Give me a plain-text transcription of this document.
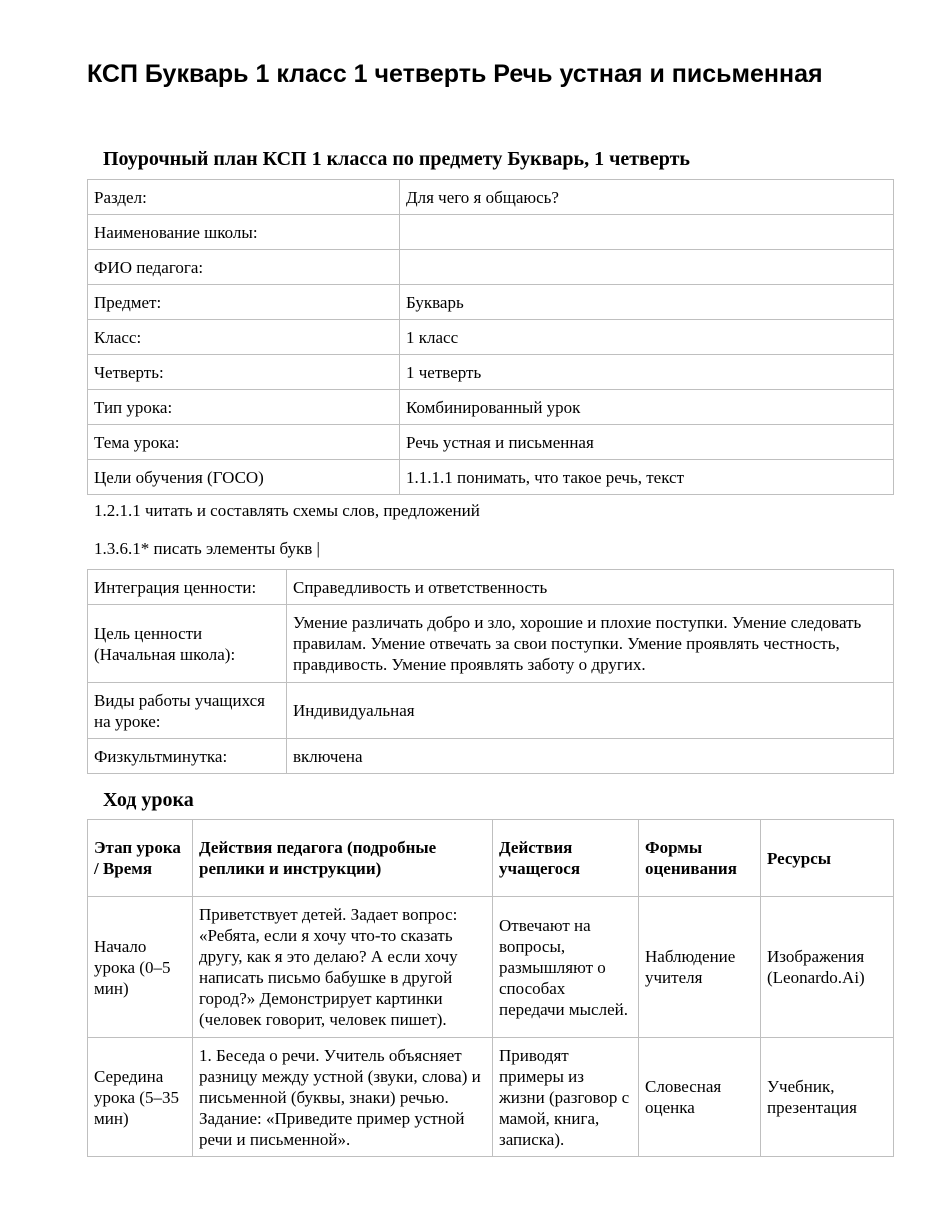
КСП Букварь 1 класс 1 четверть Речь устная и письменная

Поурочный план КСП 1 класса по предмету Букварь, 1 четверть

Раздел:	Для чего я общаюсь?
Наименование школы:	
ФИО педагога:	
Предмет:	Букварь
Класс:	1 класс
Четверть:	1 четверть
Тип урока:	Комбинированный урок
Тема урока:	Речь устная и письменная
Цели обучения (ГОСО)	1.1.1.1 понимать, что такое речь, текст

1.2.1.1 читать и составлять схемы слов, предложений

1.3.6.1* писать элементы букв |

Интеграция ценности:	Справедливость и ответственность
Цель ценности (Начальная школа):	Умение различать добро и зло, хорошие и плохие поступки. Умение следовать правилам. Умение отвечать за свои поступки. Умение проявлять честность, правдивость. Умение проявлять заботу о других.
Виды работы учащихся на уроке:	Индивидуальная
Физкультминутка:	включена

Ход урока

Этап урока / Время	Действия педагога (подробные реплики и инструкции)	Действия учащегося	Формы оценивания	Ресурсы
Начало урока (0–5 мин)	Приветствует детей. Задает вопрос: «Ребята, если я хочу что-то сказать другу, как я это делаю? А если хочу написать письмо бабушке в другой город?» Демонстрирует картинки (человек говорит, человек пишет).	Отвечают на вопросы, размышляют о способах передачи мыслей.	Наблюдение учителя	Изображения (Leonardo.Ai)
Середина урока (5–35 мин)	1. Беседа о речи. Учитель объясняет разницу между устной (звуки, слова) и письменной (буквы, знаки) речью. Задание: «Приведите пример устной речи и письменной».	Приводят примеры из жизни (разговор с мамой, книга, записка).	Словесная оценка	Учебник, презентация
